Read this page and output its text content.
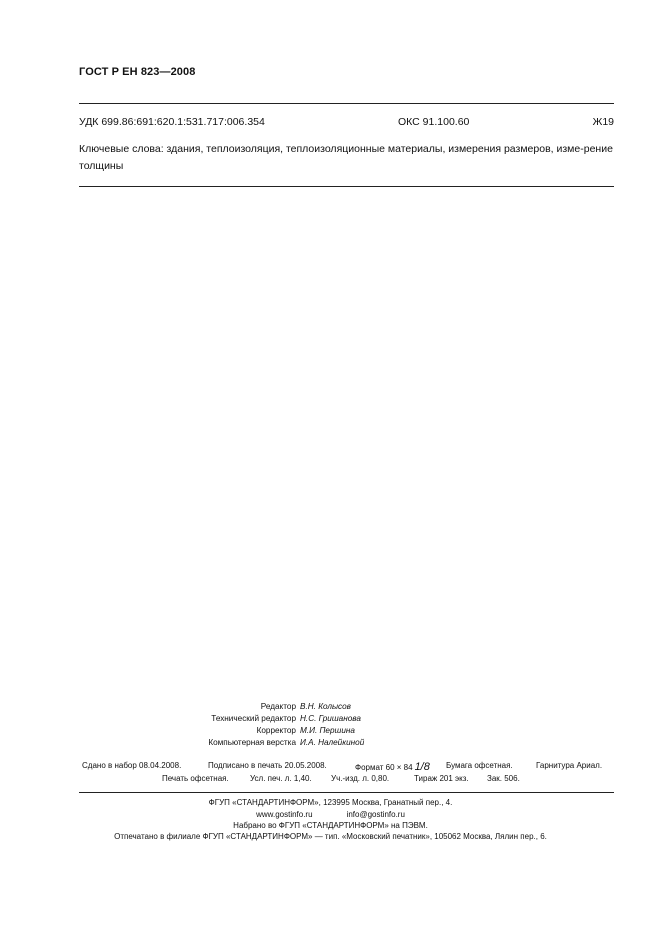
ГОСТ Р ЕН 823—2008
УДК 699.86:691:620.1:531.717:006.354	ОКС 91.100.60	Ж19
Ключевые слова: здания, теплоизоляция, теплоизоляционные материалы, измерения размеров, изме-рение толщины
Редактор В.Н. Колысов
Технический редактор Н.С. Гришанова
Корректор М.И. Першина
Компьютерная верстка И.А. Налейкиной
Сдано в набор 08.04.2008.	Подписано в печать 20.05.2008.	Формат 60 × 84 1/8 Бумага офсетная.	Гарнитура Ариал.
Печать офсетная.	Усл. печ. л. 1,40. Уч.-изд. л. 0,80.	Тираж 201 экз. Зак. 506.
ФГУП «СТАНДАРТИНФОРМ», 123995 Москва, Гранатный пер., 4.
www.gostinfo.ru	info@gostinfo.ru
Набрано во ФГУП «СТАНДАРТИНФОРМ» на ПЭВМ.
Отпечатано в филиале ФГУП «СТАНДАРТИНФОРМ» — тип. «Московский печатник», 105062 Москва, Лялин пер., 6.
